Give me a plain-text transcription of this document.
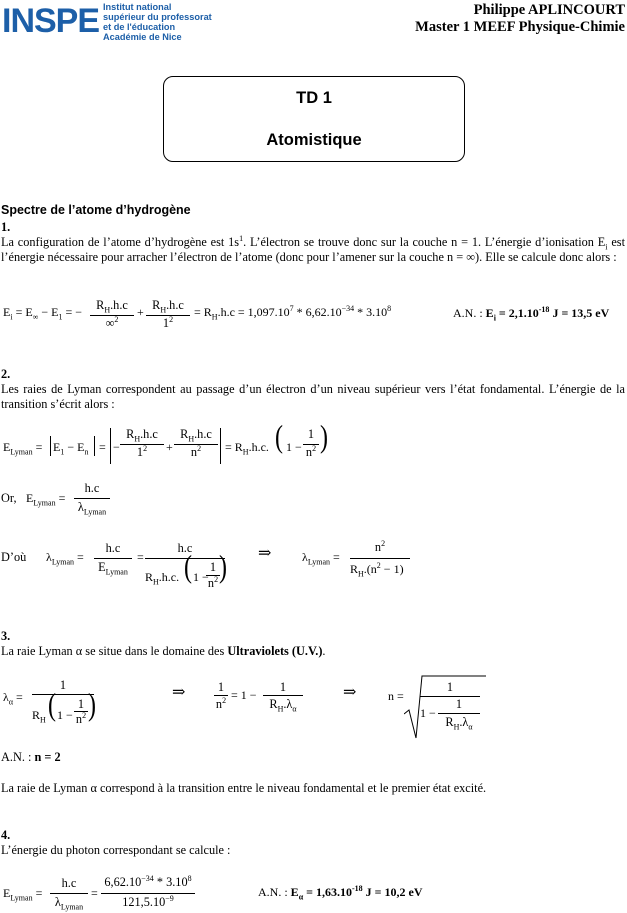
INSPE Institut national
supérieur du professorat
et de l'éducation
Académie de Nice
Philippe APLINCOURT
Master 1 MEEF Physique-Chimie
TD 1
Atomistique
Spectre de l’atome d’hydrogène
1.
La configuration de l’atome d’hydrogène est $1s^1$. L’électron se trouve donc sur la couche n = 1. L’énergie d’ionisation $E_i$ est l’énergie nécessaire pour arracher l’électron de l’atome (donc pour l’amener sur la couche n = ∞). Elle se calcule donc alors :
$E_i = E_\infty - E_1$ = −	$R_H.h.c$
∞$^2$
+ $R_H.h.c$
$1^2$
= $R_H.h.c = 1,097.10^7 * 6,62.10^{-34} * 3.10^8$	A.N. : $E_i = 2,1.10^{-18}$ J = 13,5 eV
2.
Les raies de Lyman correspondent au passage d’un électron d’un niveau supérieur vers l’état fondamental. L’énergie de la transition s’écrit alors :
$E_{Lyman} = E_1 - E_n$ = −
$R_H.h.c$
$1^2$	+
$R_H.h.c$
$n^2$	= $R_H.h.c$. ( 1 −
1
$n^2$ )
Or, $E_{Lyman}$ =
h.c
$\lambda_{Lyman}$
D’où $\lambda_{Lyman}$ =
h.c
$E_{Lyman}$
=
h.c
$R_H.h.c$. ( 1 −
1
$n^2$ ) ⇒	$\lambda_{Lyman}$ =
$n^2$
$R_H.(n^2 - 1)$
3.
La raie Lyman α se situe dans le domaine des Ultraviolets (U.V.).
$\lambda_\alpha$ =
1
$R_H$ ( 1 −
1
$n^2$ )	⇒	1
$n^2 = 1$ −
1
$R_H.\lambda_\alpha$
⇒	n =
1
1 −
1
$R_H.\lambda_\alpha$
A.N. : n = 2
La raie de Lyman α correspond à la transition entre le niveau fondamental et le premier état excité.
4.
L’énergie du photon correspondant se calcule :
$E_{Lyman}$ =
h.c
$\lambda_{Lyman}$
=
$6,62.10^{-34} * 3.10^8$
$121,5.10^{-9}$	A.N. : $E_\alpha = 1,63.10^{-18}$ J = 10,2 eV
